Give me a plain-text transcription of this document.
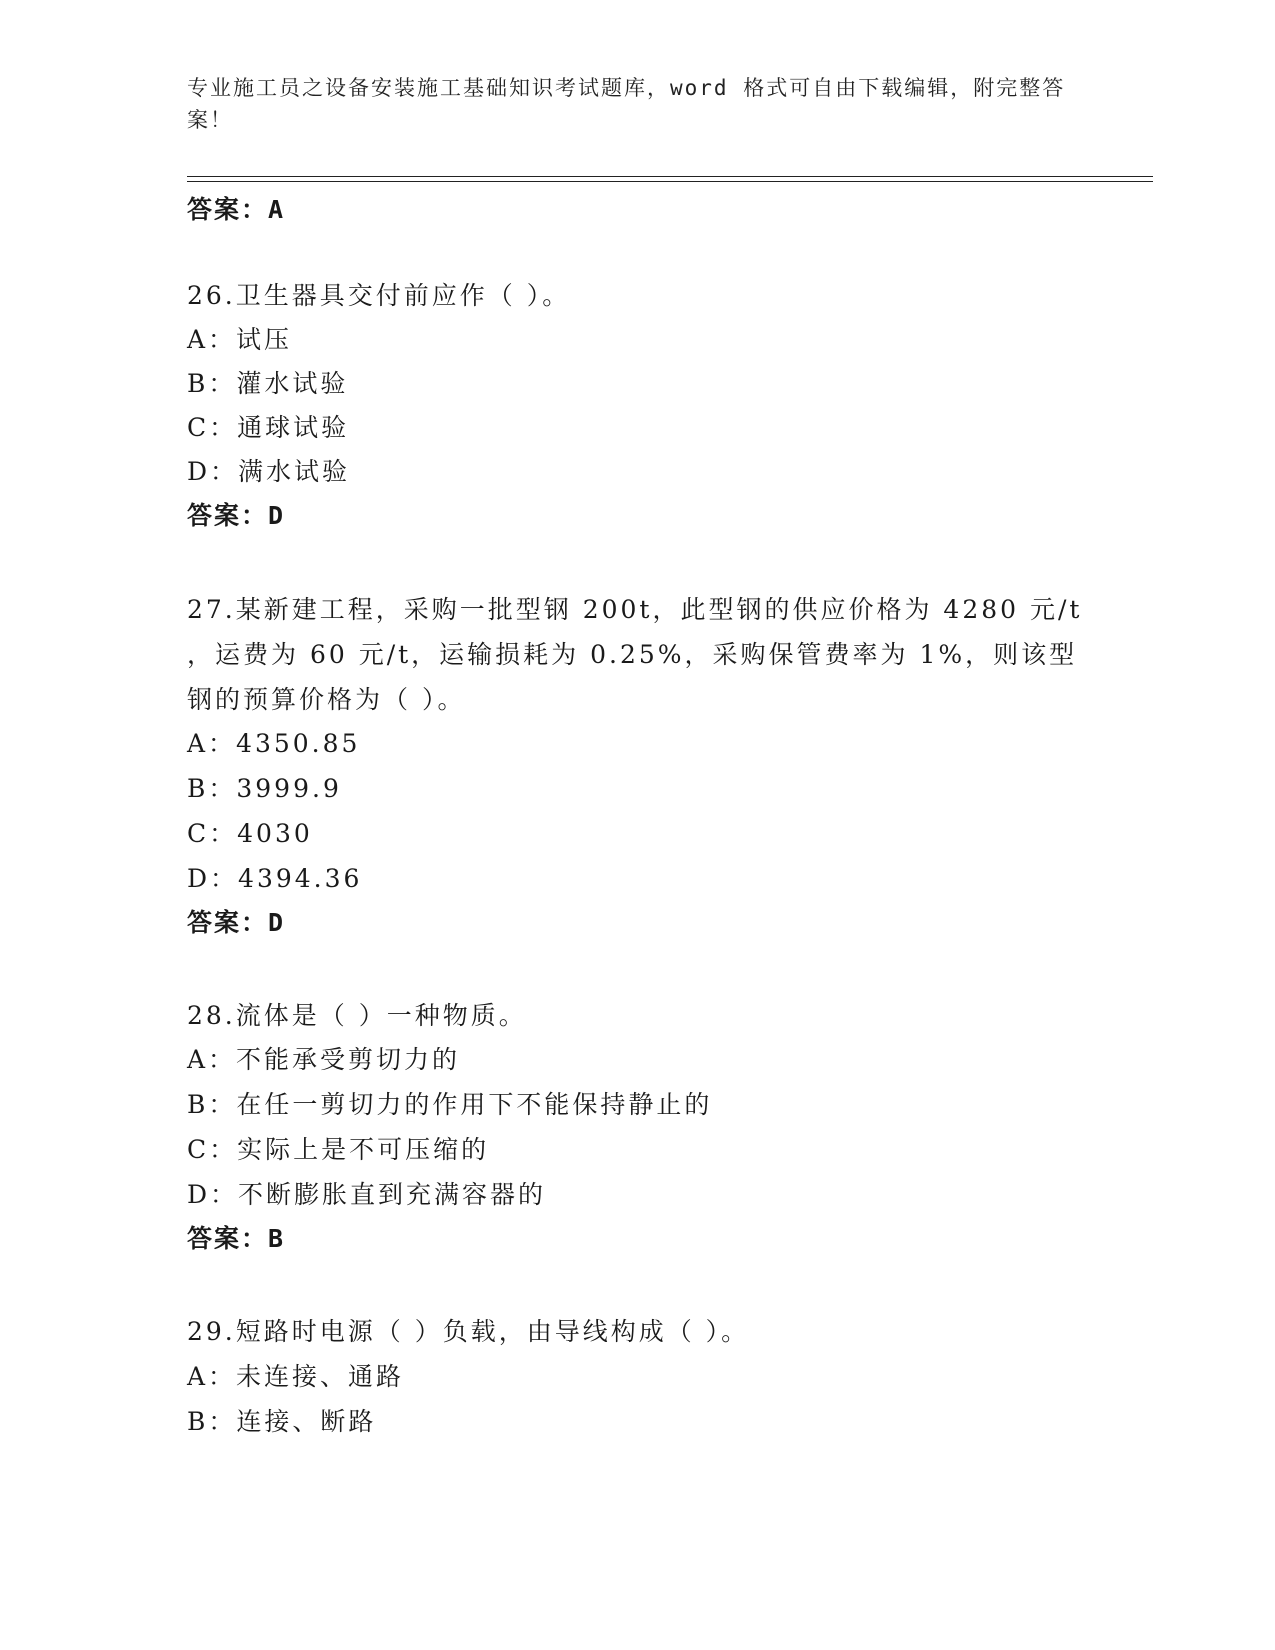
专业施工员之设备安装施工基础知识考试题库，word 格式可自由下载编辑，附完整答案！
答案：A
26.卫生器具交付前应作（ ）。
A：试压
B：灌水试验
C：通球试验
D：满水试验
答案：D
27.某新建工程，采购一批型钢 200t，此型钢的供应价格为 4280 元/t
，运费为 60 元/t，运输损耗为 0.25%，采购保管费率为 1%，则该型
钢的预算价格为（ ）。
A：4350.85
B：3999.9
C：4030
D：4394.36
答案：D
28.流体是（ ）一种物质。
A：不能承受剪切力的
B：在任一剪切力的作用下不能保持静止的
C：实际上是不可压缩的
D：不断膨胀直到充满容器的
答案：B
29.短路时电源（ ）负载，由导线构成（ ）。
A：未连接、通路
B：连接、断路
